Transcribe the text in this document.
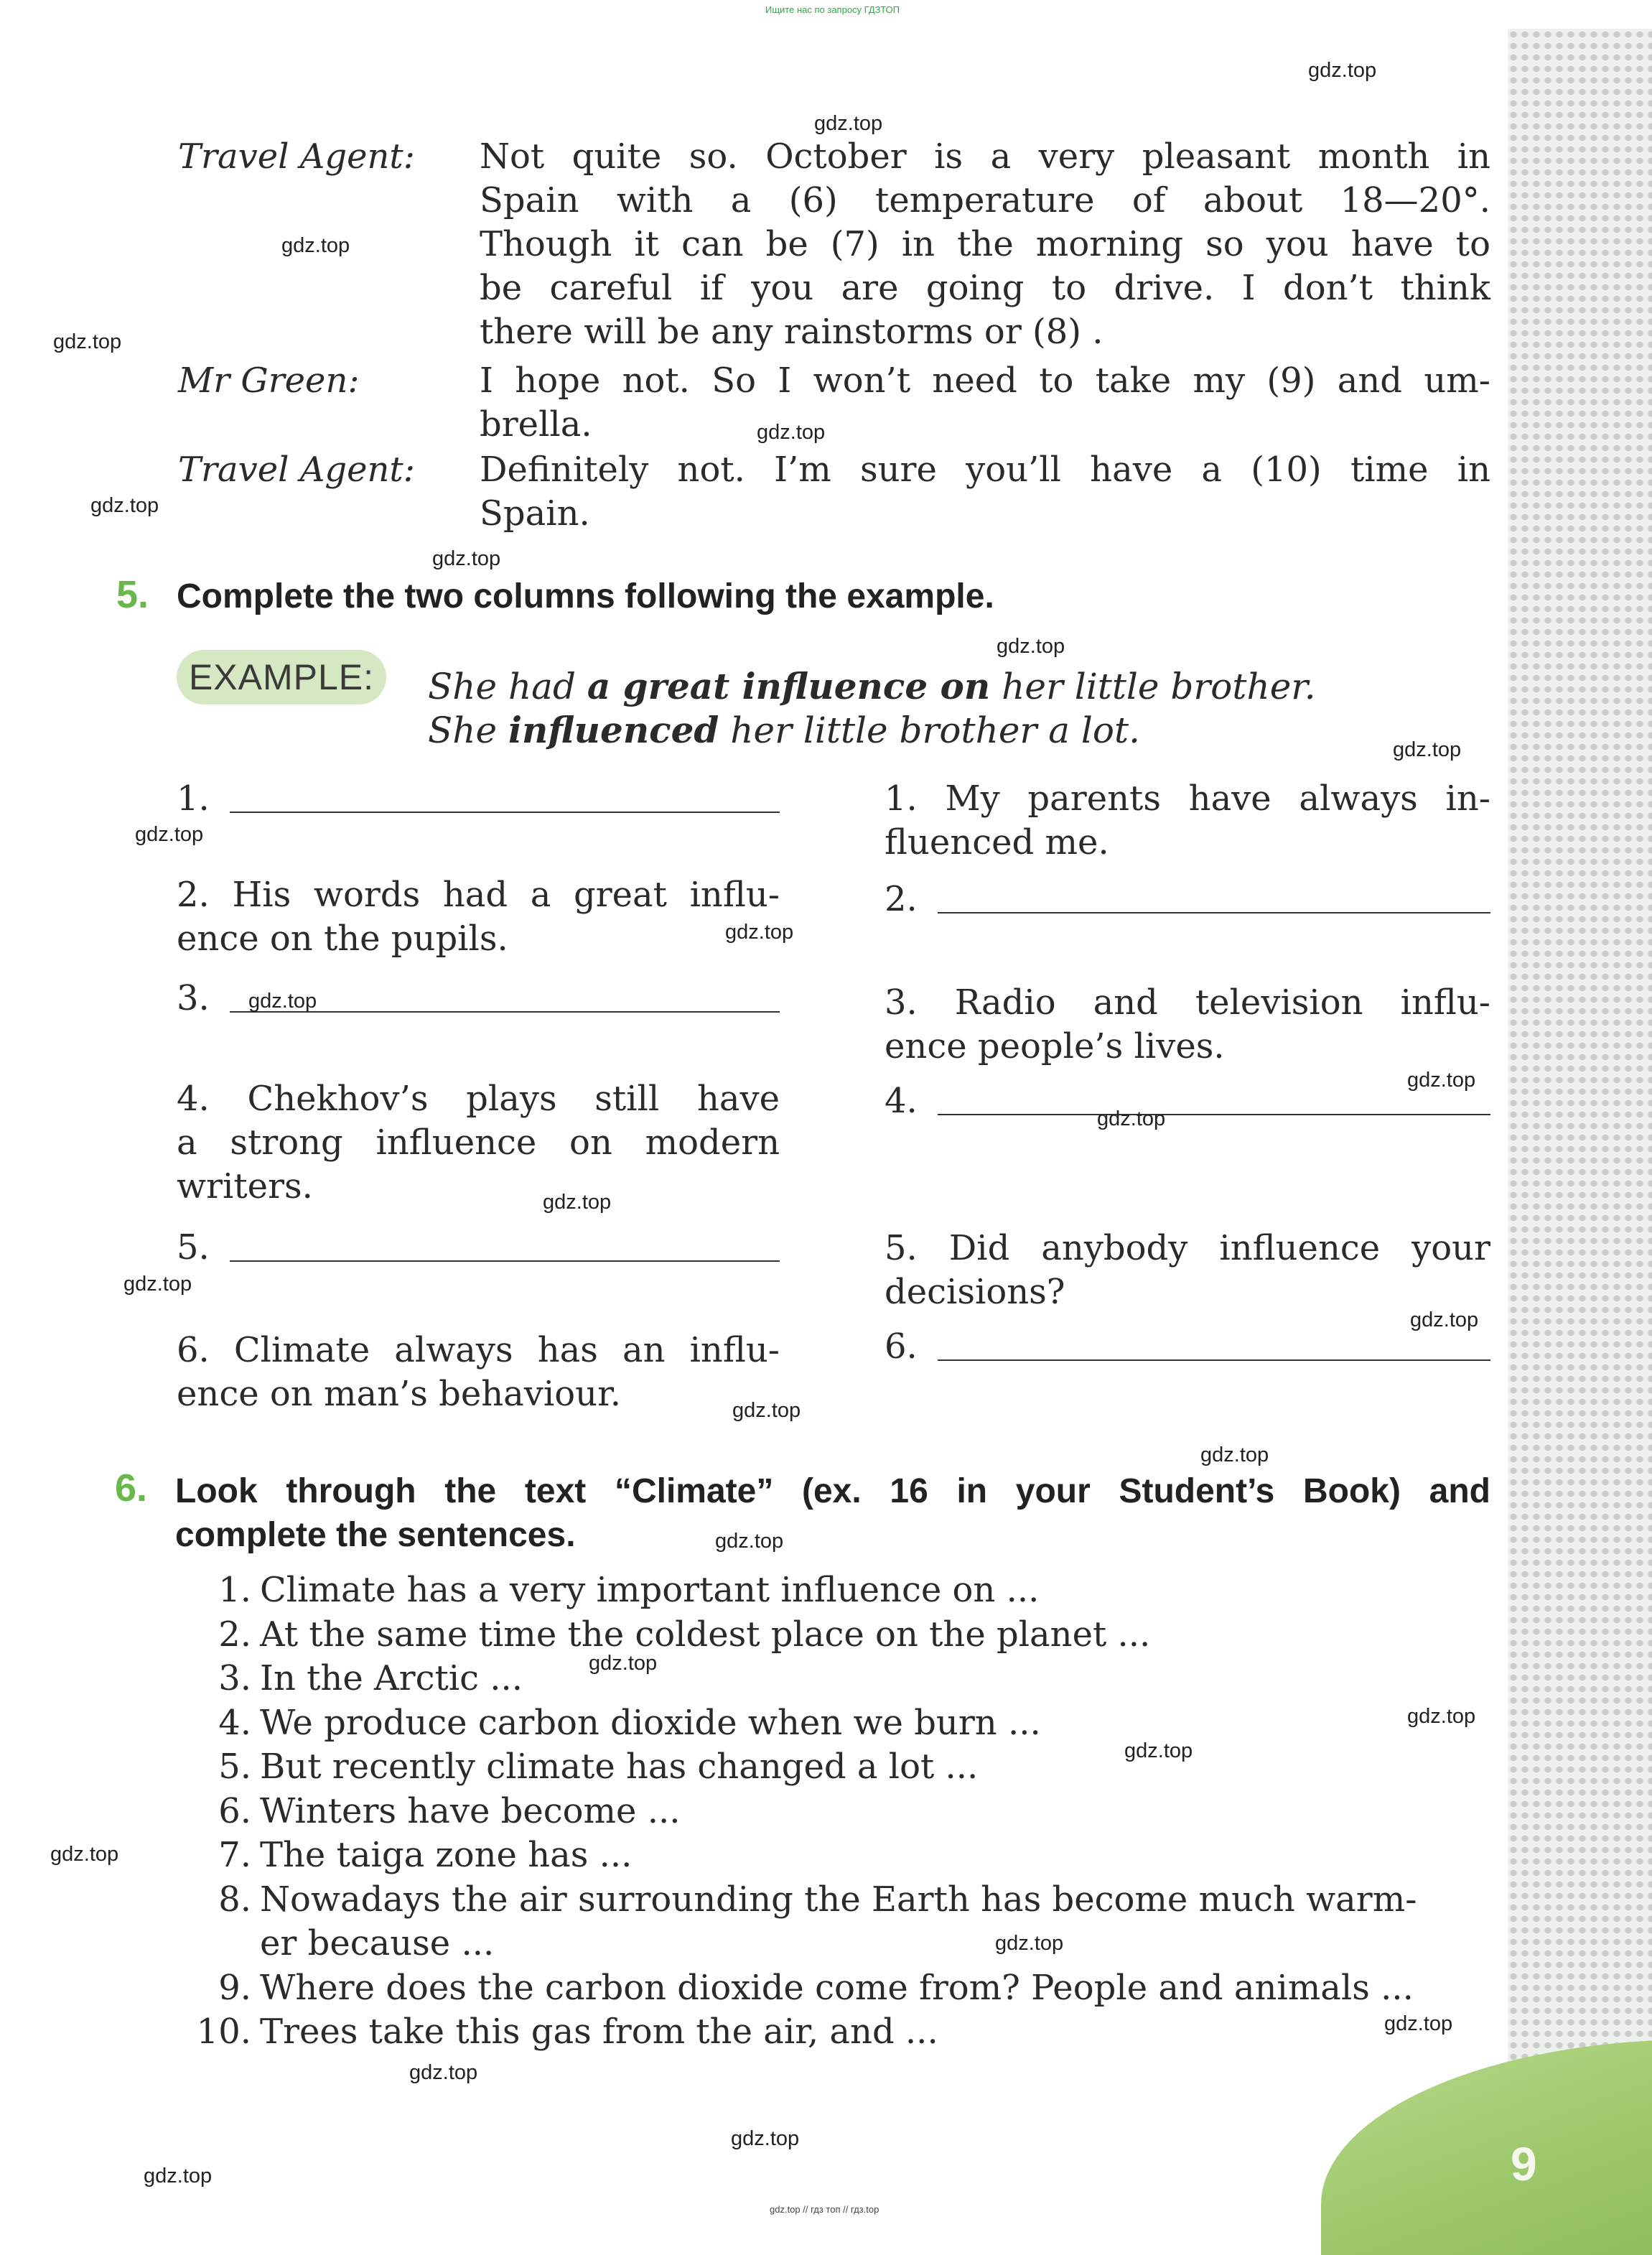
9
Ищите нас по запросу ГДЗТОП
gdz.top // гдз топ // гдз.top
Travel Agent: Not quite so. October is a very pleasant month in
Spain with a (6) temperature of about 18—20°.
Though it can be (7) in the morning so you have to
be careful if you are going to drive. I don’t think
there will be any rainstorms or (8) .
Mr Green:	I hope not. So I won’t need to take my (9) and um-
brella.
Travel Agent: Definitely not. I’m sure you’ll have a (10) time in
Spain.
5. Complete the two columns following the example.
EXAMPLE:	She had a great influence on her little brother.
She influenced her little brother a lot.
1.
2. His words had a great influ-
ence on the pupils.
3.
4. Chekhov’s plays still have
a strong influence on modern
writers.
5.
6. Climate always has an influ-
ence on man’s behaviour.
1. My parents have always in-
fluenced me.
2.
3. Radio and television influ-
ence people’s lives.
4.
5. Did anybody influence your
decisions?
6.
6. Look through the text “Climate” (ex. 16 in your Student’s Book) and
complete the sentences.
1. Climate has a very important influence on ...
2. At the same time the coldest place on the planet ...
3. In the Arctic ...
4. We produce carbon dioxide when we burn ...
5. But recently climate has changed a lot ...
6. Winters have become ...
7. The taiga zone has ...
8. Nowadays the air surrounding the Earth has become much warm-
er because ...
9. Where does the carbon dioxide come from? People and animals ...
10. Trees take this gas from the air, and ...
gdz.top
gdz.top
gdz.top
gdz.top
gdz.top
gdz.top
gdz.top
gdz.top
gdz.top
gdz.top
gdz.top
gdz.top
gdz.top
gdz.top
gdz.top
gdz.top
gdz.top
gdz.top
gdz.top
gdz.top
gdz.top
gdz.top
gdz.top
gdz.top
gdz.top
gdz.top
gdz.top
gdz.top
gdz.top
